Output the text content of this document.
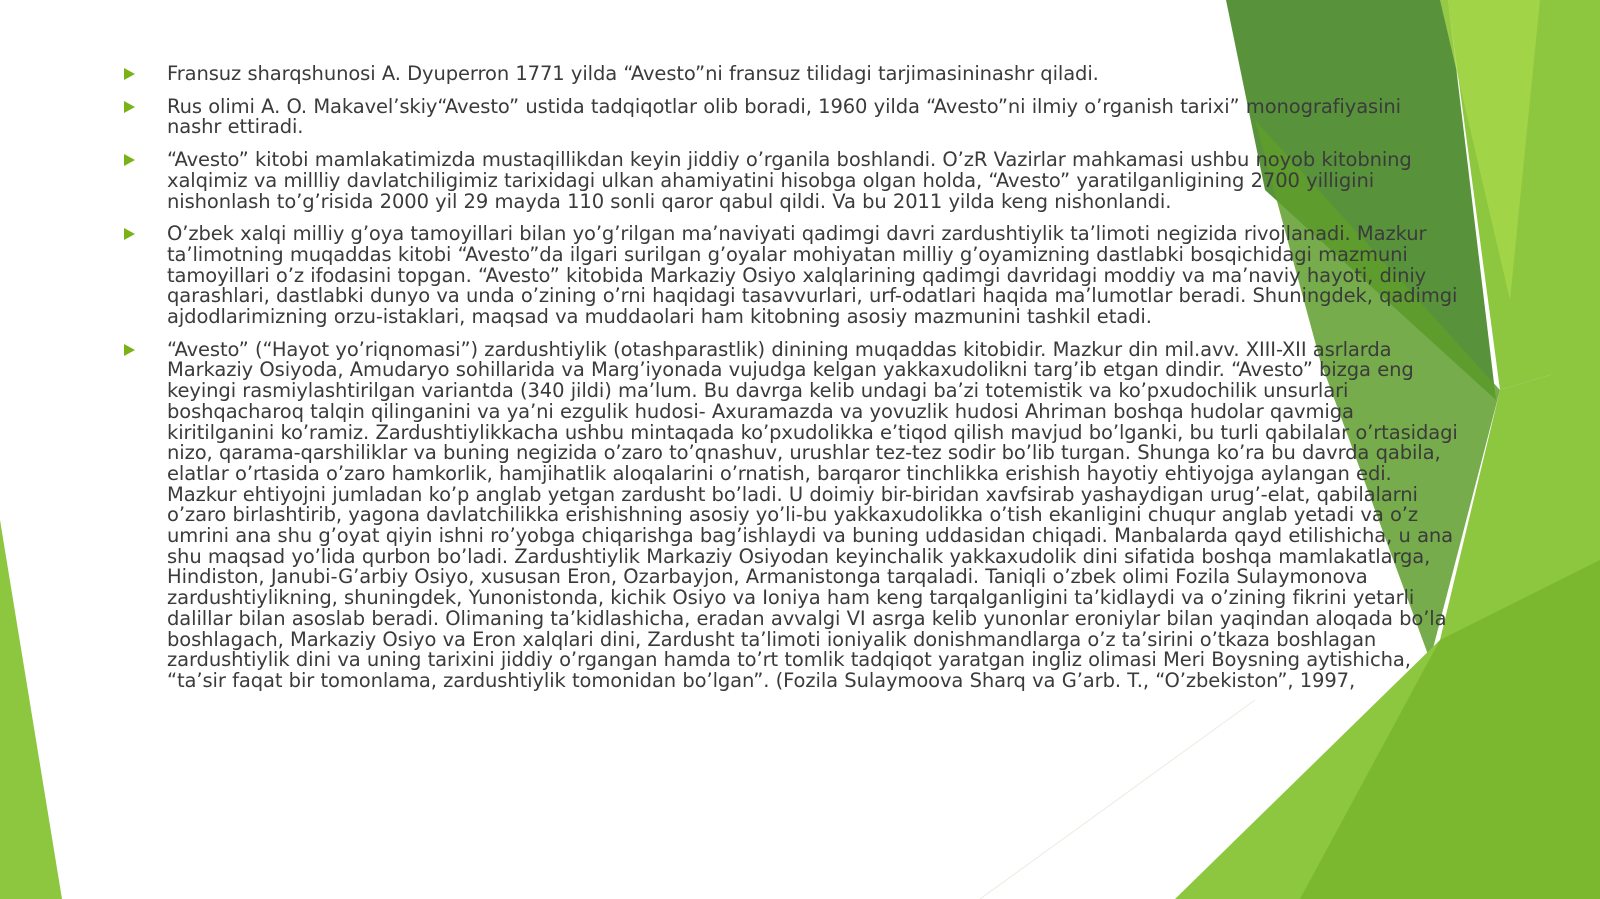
Fransuz sharqshunosi A. Dyuperron 1771 yilda “Avesto”ni fransuz tilidagi tarjimasininashr qiladi.
Rus olimi A. O. Makavel’skiy“Avesto” ustida tadqiqotlar olib boradi, 1960 yilda “Avesto”ni ilmiy o’rganish tarixi” monografiyasini nashr ettiradi.
“Avesto” kitobi mamlakatimizda mustaqillikdan keyin jiddiy o’rganila boshlandi. O’zR Vazirlar mahkamasi ushbu noyob kitobning xalqimiz va millliy davlatchiligimiz tarixidagi ulkan ahamiyatini hisobga olgan holda, “Avesto” yaratilganligining 2700 yilligini nishonlash to’g’risida 2000 yil 29 mayda 110 sonli qaror qabul qildi. Va bu 2011 yilda keng nishonlandi.
O’zbek xalqi milliy g’oya tamoyillari bilan yo’g’rilgan ma’naviyati qadimgi davri zardushtiylik ta’limoti negizida rivojlanadi. Mazkur ta’limotning muqaddas kitobi “Avesto”da ilgari surilgan g’oyalar mohiyatan milliy g’oyamizning dastlabki bosqichidagi mazmuni tamoyillari o’z ifodasini topgan. “Avesto” kitobida Markaziy Osiyo xalqlarining qadimgi davridagi moddiy va ma’naviy hayoti, diniy qarashlari, dastlabki dunyo va unda o’zining o’rni haqidagi tasavvurlari, urf-odatlari haqida ma’lumotlar beradi. Shuningdek, qadimgi ajdodlarimizning orzu-istaklari, maqsad va muddaolari ham kitobning asosiy mazmunini tashkil etadi.
“Avesto” (“Hayot yo’riqnomasi”) zardushtiylik (otashparastlik) dinining muqaddas kitobidir. Mazkur din mil.avv. XIII-XII asrlarda Markaziy Osiyoda, Amudaryo sohillarida va Marg’iyonada vujudga kelgan yakkaxudolikni targ’ib etgan dindir. “Avesto” bizga eng keyingi rasmiylashtirilgan variantda (340 jildi) ma’lum. Bu davrga kelib undagi ba’zi totemistik va ko’pxudochilik unsurlari boshqacharoq talqin qilinganini va ya’ni ezgulik hudosi- Axuramazda va yovuzlik hudosi Ahriman boshqa hudolar qavmiga kiritilganini ko’ramiz. Zardushtiylikkacha ushbu mintaqada ko’pxudolikka e’tiqod qilish mavjud bo’lganki, bu turli qabilalar o’rtasidagi nizo, qarama-qarshiliklar va buning negizida o’zaro to’qnashuv, urushlar tez-tez sodir bo’lib turgan. Shunga ko’ra bu davrda qabila, elatlar o’rtasida o’zaro hamkorlik, hamjihatlik aloqalarini o’rnatish, barqaror tinchlikka erishish hayotiy ehtiyojga aylangan edi. Mazkur ehtiyojni jumladan ko’p anglab yetgan zardusht bo’ladi. U doimiy bir-biridan xavfsirab yashaydigan urug’-elat, qabilalarni o’zaro birlashtirib, yagona davlatchilikka erishishning asosiy yo’li-bu yakkaxudolikka o’tish ekanligini chuqur anglab yetadi va o’z umrini ana shu g’oyat qiyin ishni ro’yobga chiqarishga bag’ishlaydi va buning uddasidan chiqadi. Manbalarda qayd etilishicha, u ana shu maqsad yo’lida qurbon bo’ladi. Zardushtiylik Markaziy Osiyodan keyinchalik yakkaxudolik dini sifatida boshqa mamlakatlarga, Hindiston, Janubi-G’arbiy Osiyo, xususan Eron, Ozarbayjon, Armanistonga tarqaladi. Taniqli o’zbek olimi Fozila Sulaymonova zardushtiylikning, shuningdek, Yunonistonda, kichik Osiyo va Ioniya ham keng tarqalganligini ta’kidlaydi va o’zining fikrini yetarli dalillar bilan asoslab beradi. Olimaning ta’kidlashicha, eradan avvalgi VI asrga kelib yunonlar eroniylar bilan yaqindan aloqada bo’la boshlagach, Markaziy Osiyo va Eron xalqlari dini, Zardusht ta’limoti ioniyalik donishmandlarga o’z ta’sirini o’tkaza boshlagan zardushtiylik dini va uning tarixini jiddiy o’rgangan hamda to’rt tomlik tadqiqot yaratgan ingliz olimasi Meri Boysning aytishicha, “ta’sir faqat bir tomonlama, zardushtiylik tomonidan bo’lgan”. (Fozila Sulaymoova Sharq va G’arb. T., “O’zbekiston”, 1997,
